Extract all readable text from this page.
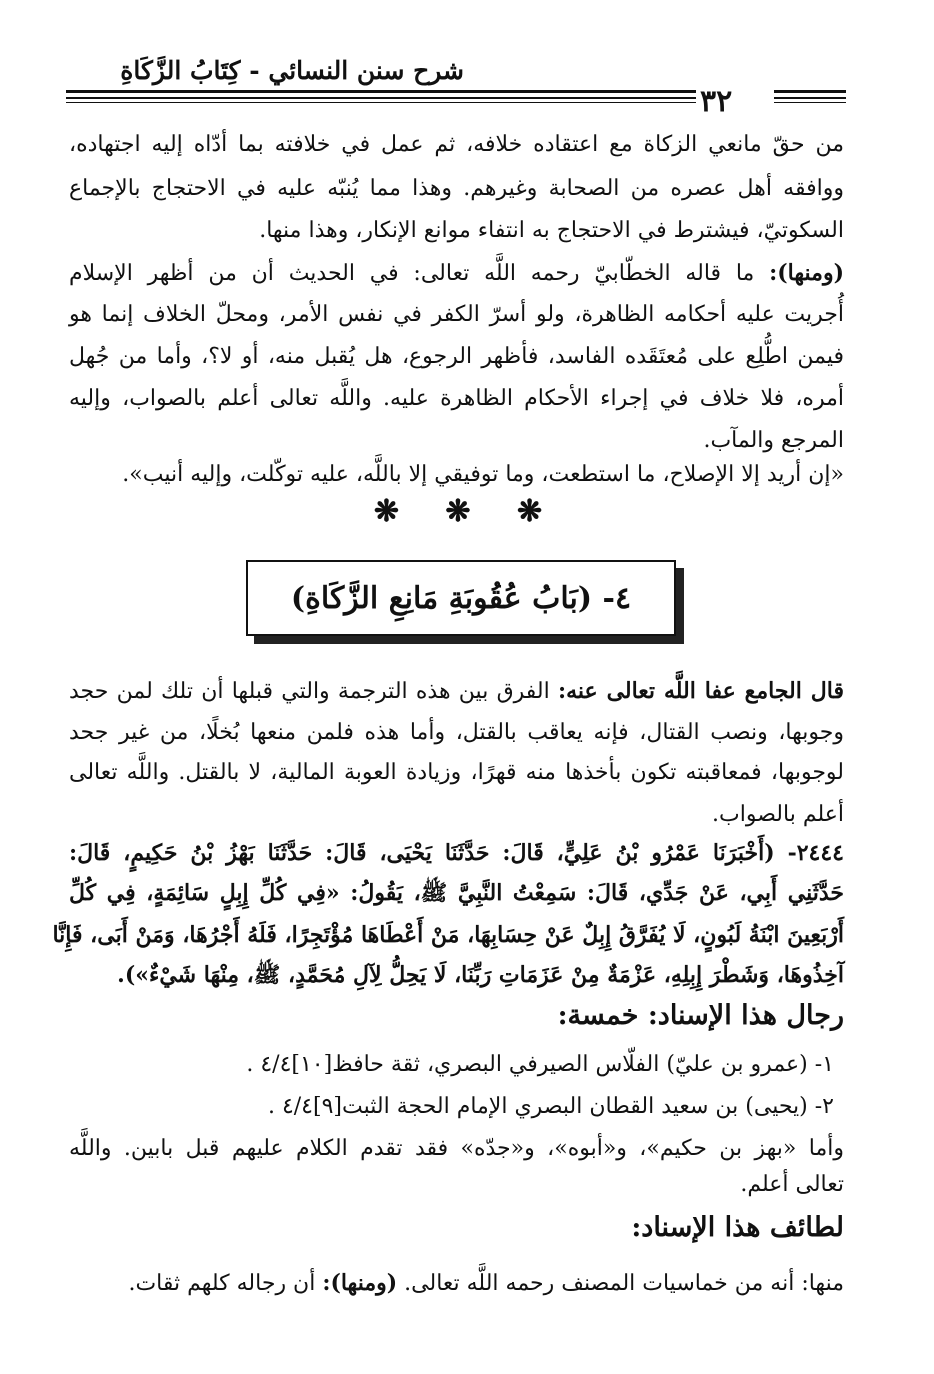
شرح سنن النسائي - كِتَابُ الزَّكَاةِ
٣٢
من حقّ مانعي الزكاة مع اعتقاده خلافه، ثم عمل في خلافته بما أدّاه إليه اجتهاده،
ووافقه أهل عصره من الصحابة وغيرهم. وهذا مما يُنبّه عليه في الاحتجاج بالإجماع
السكوتيّ، فيشترط في الاحتجاج به انتفاء موانع الإنكار، وهذا منها.
(ومنها): ما قاله الخطّابيّ رحمه اللَّه تعالى: في الحديث أن من أظهر الإسلام
أُجريت عليه أحكامه الظاهرة، ولو أسرّ الكفر في نفس الأمر، ومحلّ الخلاف إنما هو
فيمن اطُّلِع على مُعتَقَده الفاسد، فأظهر الرجوع، هل يُقبل منه، أو لا؟، وأما من جُهل
أمره، فلا خلاف في إجراء الأحكام الظاهرة عليه. واللَّه تعالى أعلم بالصواب، وإليه
المرجع والمآب.
«إن أريد إلا الإصلاح، ما استطعت، وما توفيقي إلا باللَّه، عليه توكّلت، وإليه أنيب».
❋ ❋ ❋
٤- (بَابُ عُقُوبَةِ مَانِعِ الزَّكَاةِ)
قال الجامع عفا اللَّه تعالى عنه: الفرق بين هذه الترجمة والتي قبلها أن تلك لمن حجد
وجوبها، ونصب القتال، فإنه يعاقب بالقتل، وأما هذه فلمن منعها بُخلًا، من غير جحد
لوجوبها، فمعاقبته تكون بأخذها منه قهرًا، وزيادة العوبة المالية، لا بالقتل. واللَّه تعالى
أعلم بالصواب.
٢٤٤٤- (أَخْبَرَنَا عَمْرُو بْنُ عَلِيٍّ، قَالَ: حَدَّثَنَا يَحْيَى، قَالَ: حَدَّثَنَا بَهْزُ بْنُ حَكِيمٍ، قَالَ:
حَدَّثَنِي أَبِي، عَنْ جَدِّي، قَالَ: سَمِعْتُ النَّبِيَّ ﷺ، يَقُولُ: «فِي كُلِّ إِبِلٍ سَائِمَةٍ، فِي كُلِّ
أَرْبَعِينَ ابْنَةُ لَبُونٍ، لَا يُفَرَّقُ إِبِلٌ عَنْ حِسَابِهَا، مَنْ أَعْطَاهَا مُؤْتَجِرًا، فَلَهُ أَجْرُهَا، وَمَنْ أَبَى، فَإِنَّا
آخِذُوهَا، وَشَطْرَ إِبِلِهِ، عَزْمَةٌ مِنْ عَزَمَاتِ رَبِّنَا، لَا يَحِلُّ لِآلِ مُحَمَّدٍ، ﷺ، مِنْهَا شَيْءٌ»).
رجال هذا الإسناد: خمسة:
١- (عمرو بن عليّ) الفلّاس الصيرفي البصري، ثقة حافظ[١٠]٤/٤ .
٢- (يحيى) بن سعيد القطان البصري الإمام الحجة الثبت[٩]٤/٤ .
وأما «بهز بن حكيم»، و«أبوه»، و«جدّه» فقد تقدم الكلام عليهم قبل بابين. واللَّه
تعالى أعلم.
لطائف هذا الإسناد:
منها: أنه من خماسيات المصنف رحمه اللَّه تعالى. (ومنها): أن رجاله كلهم ثقات.
